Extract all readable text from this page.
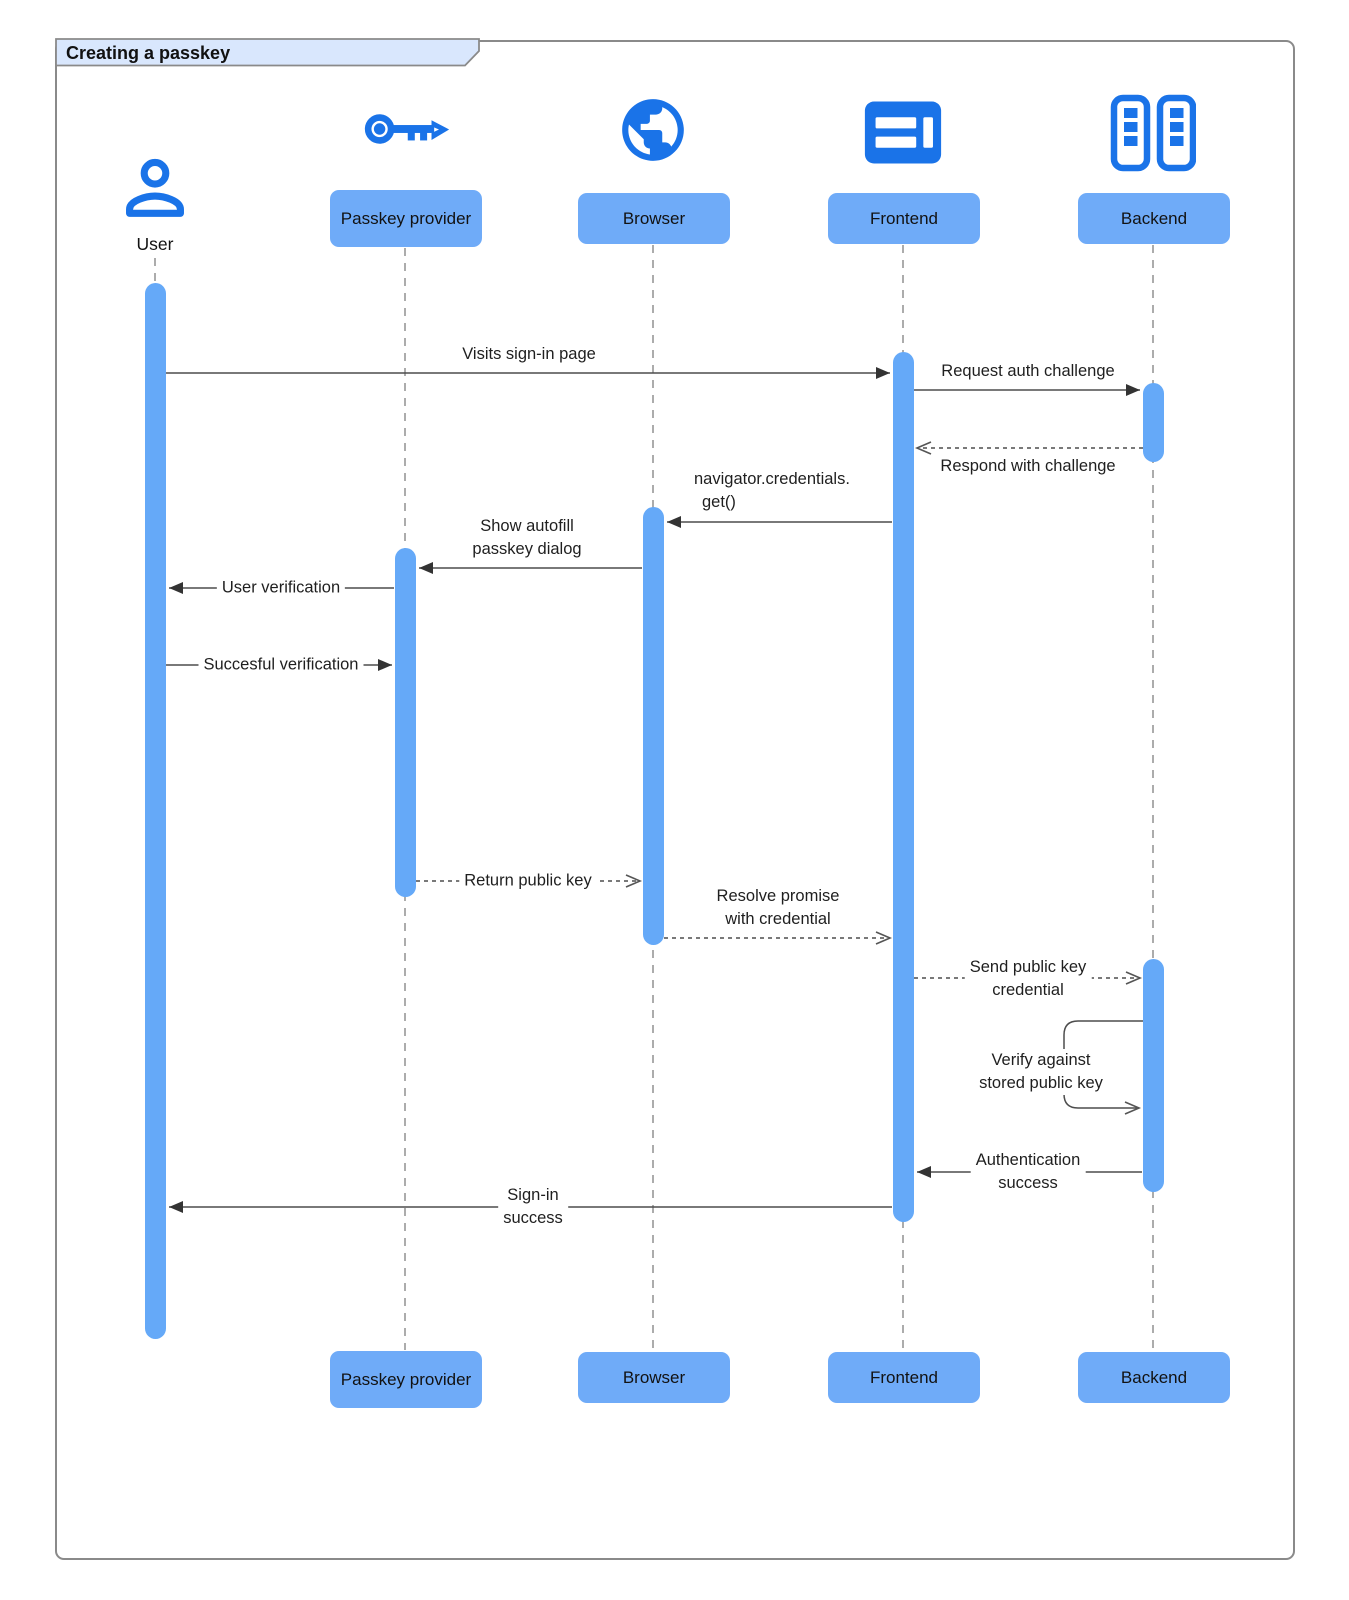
Creating a passkey
User
Passkey provider	Browser	Frontend	Backend
Visits sign-in page
Request auth challenge
Respond with challenge
navigator.credentials.
get()
Show autofill
passkey dialog
User verification
Succesful verification
Return public key
Resolve promise
with credential
Send public key
credential
Verify against
stored public key
Authentication
success
Sign-in
success
Passkey provider	Browser	Frontend	Backend
